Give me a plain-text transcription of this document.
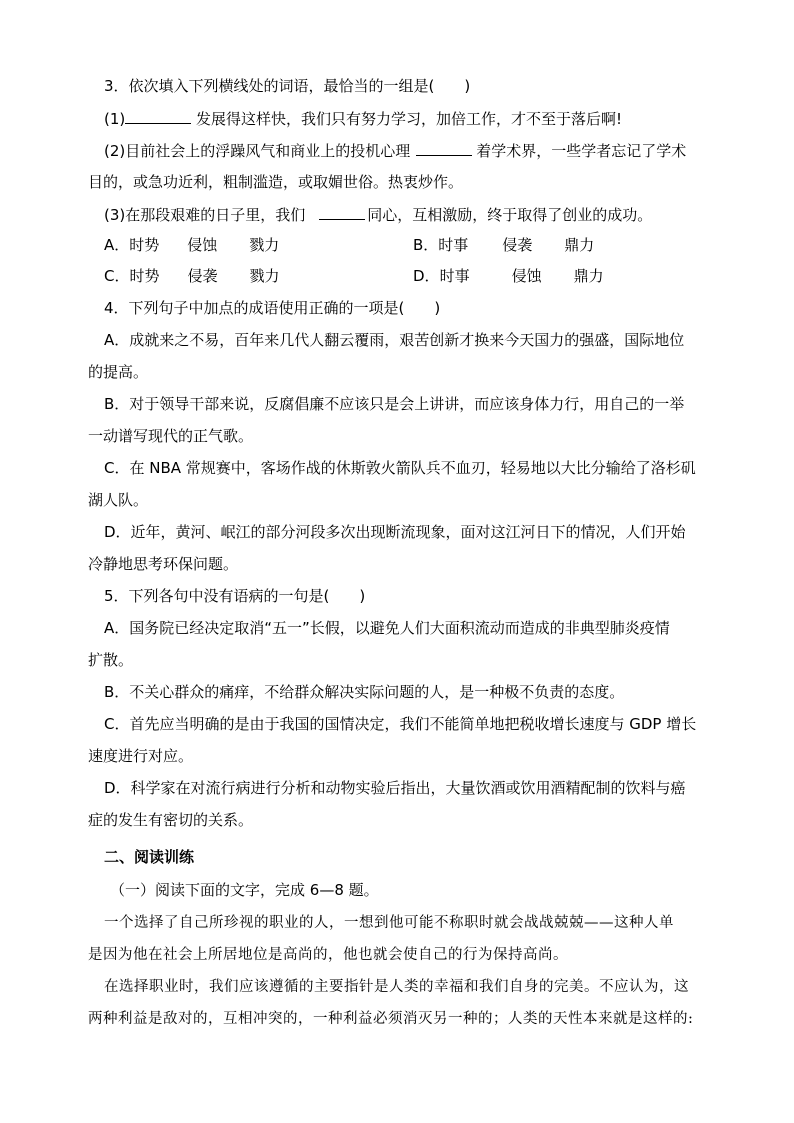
3．依次填入下列横线处的词语，最恰当的一组是(　　)
(1)	发展得这样快，我们只有努力学习，加倍工作，才不至于落后啊!
(2)目前社会上的浮躁风气和商业上的投机心理	着学术界，一些学者忘记了学术
目的，或急功近利，粗制滥造，或取媚世俗。热衷炒作。
(3)在那段艰难的日子里，我们	同心，互相激励，终于取得了创业的成功。
A．时势 侵蚀 戮力	B．时事 侵袭 鼎力
C．时势 侵袭 戮力	D．时事	侵蚀 鼎力
4．下列句子中加点的成语使用正确的一项是(　　)
A．成就来之不易，百年来几代人翻云覆雨，艰苦创新才换来今天国力的强盛，国际地位
的提高。
B．对于领导干部来说，反腐倡廉不应该只是会上讲讲，而应该身体力行，用自己的一举
一动谱写现代的正气歌。
C．在 NBA 常规赛中，客场作战的休斯敦火箭队兵不血刃，轻易地以大比分输给了洛杉矶
湖人队。
D．近年，黄河、岷江的部分河段多次出现断流现象，面对这江河日下的情况，人们开始
冷静地思考环保问题。
5．下列各句中没有语病的一句是(　　)
A．国务院已经决定取消“五一”长假，以避免人们大面积流动而造成的非典型肺炎疫情
扩散。
B．不关心群众的痛痒，不给群众解决实际问题的人，是一种极不负责的态度。
C．首先应当明确的是由于我国的国情决定，我们不能简单地把税收增长速度与 GDP 增长
速度进行对应。
D．科学家在对流行病进行分析和动物实验后指出，大量饮酒或饮用酒精配制的饮料与癌
症的发生有密切的关系。
二、阅读训练
（一）阅读下面的文字，完成 6—8 题。
一个选择了自己所珍视的职业的人，一想到他可能不称职时就会战战兢兢——这种人单
是因为他在社会上所居地位是高尚的，他也就会使自己的行为保持高尚。
在选择职业时，我们应该遵循的主要指针是人类的幸福和我们自身的完美。不应认为，这
两种利益是敌对的，互相冲突的，一种利益必须消灭另一种的；人类的天性本来就是这样的:
